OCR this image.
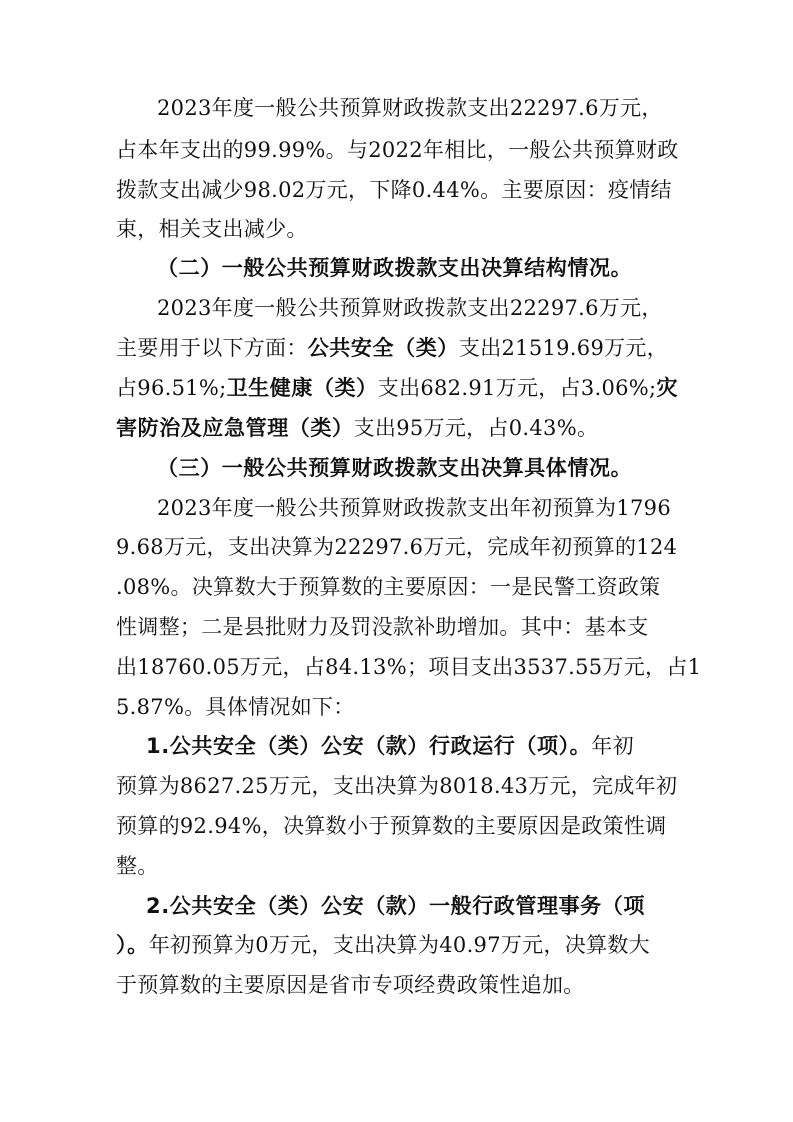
2023年度一般公共预算财政拨款支出22297.6万元，
占本年支出的99.99%。与2022年相比，一般公共预算财政
拨款支出减少98.02万元，下降0.44%。主要原因：疫情结
束，相关支出减少。
（二）一般公共预算财政拨款支出决算结构情况。
2023年度一般公共预算财政拨款支出22297.6万元，
主要用于以下方面：公共安全（类）支出21519.69万元，
占96.51%;卫生健康（类）支出682.91万元，占3.06%;灾
害防治及应急管理（类）支出95万元，占0.43%。
（三）一般公共预算财政拨款支出决算具体情况。
2023年度一般公共预算财政拨款支出年初预算为1796
9.68万元，支出决算为22297.6万元，完成年初预算的124
.08%。决算数大于预算数的主要原因：一是民警工资政策
性调整；二是县批财力及罚没款补助增加。其中：基本支
出18760.05万元，占84.13%；项目支出3537.55万元，占1
5.87%。具体情况如下：
1.公共安全（类）公安（款）行政运行（项）。年初
预算为8627.25万元，支出决算为8018.43万元，完成年初
预算的92.94%，决算数小于预算数的主要原因是政策性调
整。
2.公共安全（类）公安（款）一般行政管理事务（项
）。年初预算为0万元，支出决算为40.97万元，决算数大
于预算数的主要原因是省市专项经费政策性追加。
